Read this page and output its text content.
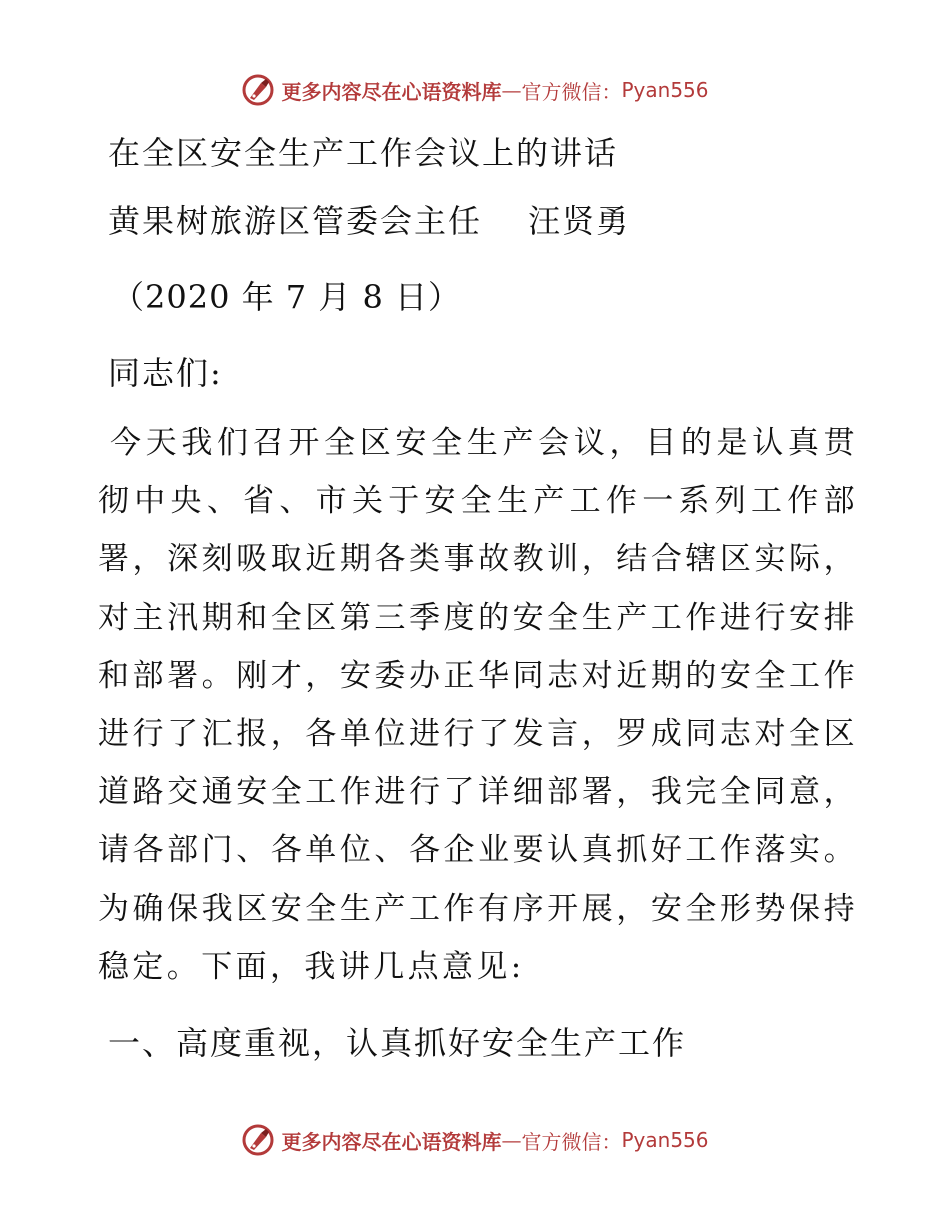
更多内容尽在心语资料库 — 官方微信： Pyan556
在全区安全生产工作会议上的讲话
黄果树旅游区管委会主任　 汪贤勇
（2020 年 7 月 8 日）
同志们:
今天我们召开全区安全生产会议，目的是认真贯彻中央、省、市关于安全生产工作一系列工作部署，深刻吸取近期各类事故教训，结合辖区实际，对主汛期和全区第三季度的安全生产工作进行安排和部署。刚才，安委办正华同志对近期的安全工作进行了汇报，各单位进行了发言，罗成同志对全区道路交通安全工作进行了详细部署，我完全同意，请各部门、各单位、各企业要认真抓好工作落实。为确保我区安全生产工作有序开展，安全形势保持稳定。下面，我讲几点意见:
一、高度重视，认真抓好安全生产工作
更多内容尽在心语资料库 — 官方微信： Pyan556
